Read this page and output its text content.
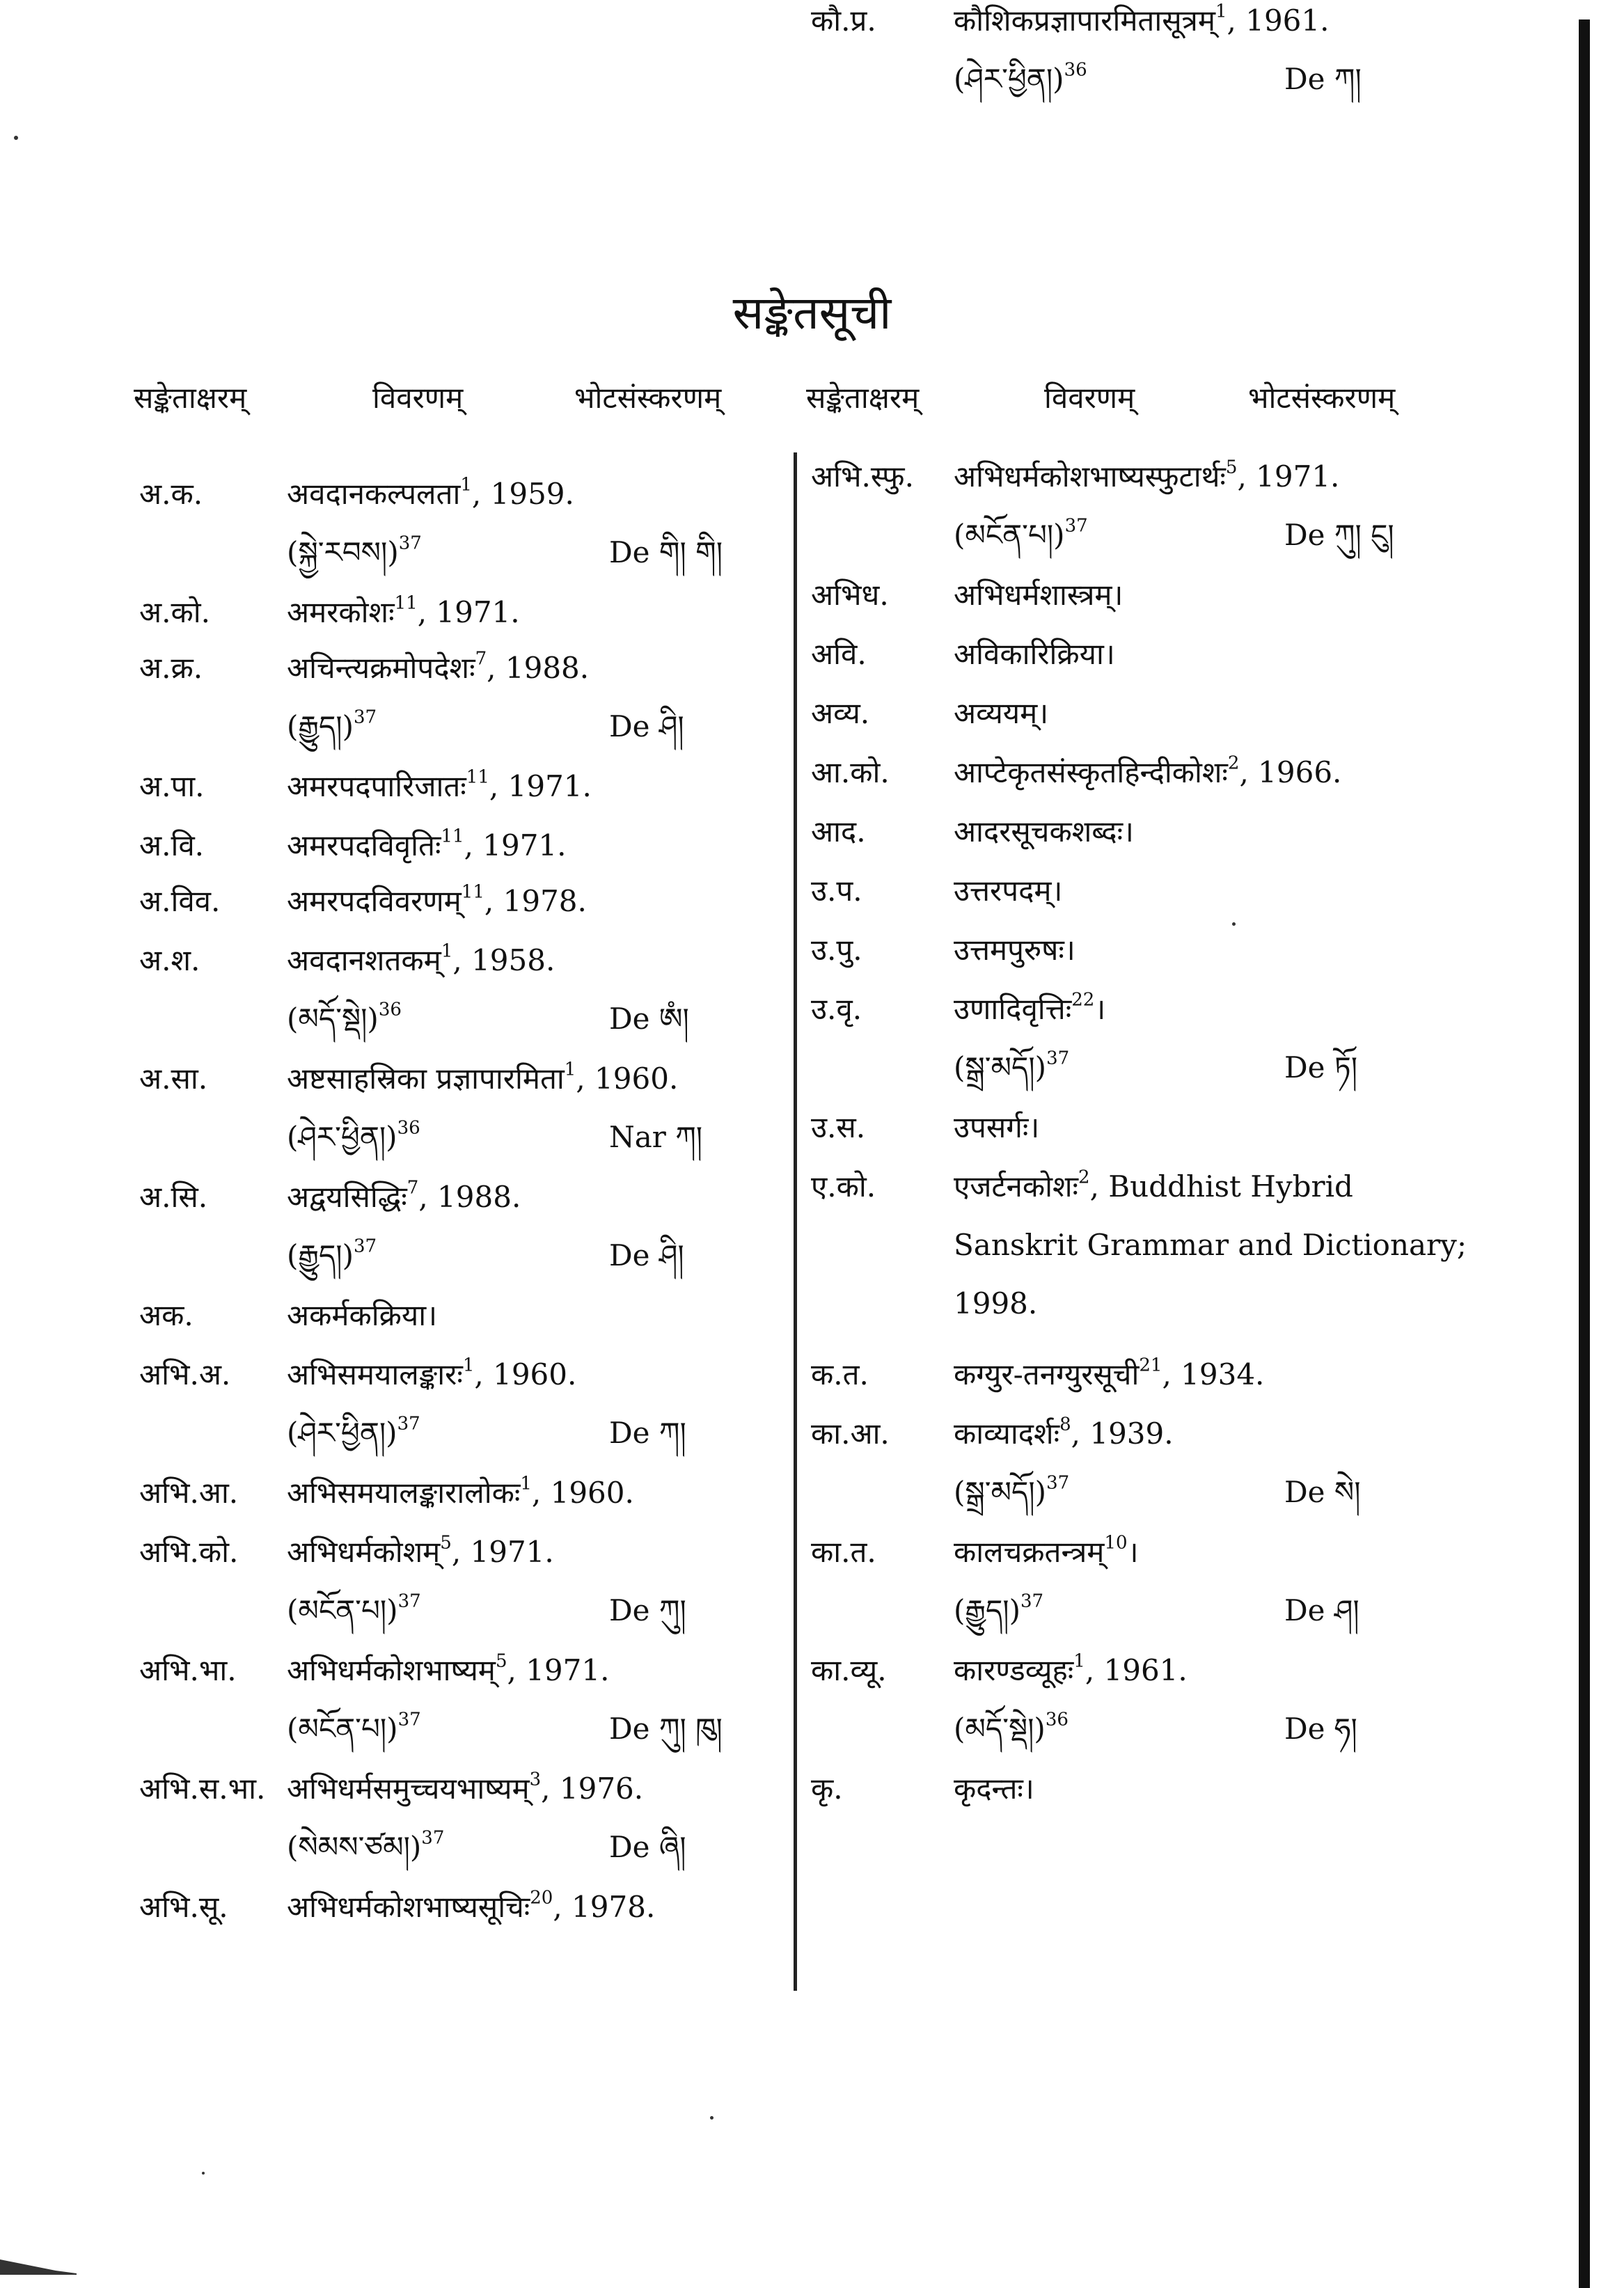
सङ्केतसूची
सङ्केताक्षरम्	विवरणम्	भोटसंस्करणम्	सङ्केताक्षरम्	विवरणम्	भोटसंस्करणम्
अ.क.	अवदानकल्पलता$^1$, 1959.
(སྐྱེ་རབས།)$^{37}$	De གི། གི།
अ.को.	अमरकोशः$^{11}$, 1971.
अ.क्र.	अचिन्त्यक्रमोपदेशः$^7$, 1988.
(རྒྱུད།)$^{37}$	De ཤི།
अ.पा.	अमरपदपारिजातः$^{11}$, 1971.
अ.वि.	अमरपदविवृतिः$^{11}$, 1971.
अ.विव. अमरपदविवरणम्$^{11}$, 1978.
अ.श.	अवदानशतकम्$^1$, 1958.
(མདོ་སྡེ།)$^{36}$	De ཨཾ།
अ.सा.	अष्टसाहस्रिका प्रज्ञापारमिता$^1$, 1960.
(ཤེར་ཕྱིན།)$^{36}$	Nar ཀ།
अ.सि.	अद्वयसिद्धिः$^7$, 1988.
(རྒྱུད།)$^{37}$	De ཤི།
अक.	अकर्मकक्रिया।
अभि.अ. अभिसमयालङ्कारः$^1$, 1960.
(ཤེར་ཕྱིན།)$^{37}$	De ཀ།
अभि.आ. अभिसमयालङ्कारालोकः$^1$, 1960.
अभि.को. अभिधर्मकोशम्$^5$, 1971.
(མངོན་པ།)$^{37}$	De ཀུ།
अभि.भा. अभिधर्मकोशभाष्यम्$^5$, 1971.
(མངོན་པ།)$^{37}$	De ཀུ། ཁུ།
अभि.स.भा. अभिधर्मसमुच्चयभाष्यम्$^3$, 1976.
(སེམས་ཙམ།)$^{37}$	De ཞི།
अभि.सू. अभिधर्मकोशभाष्यसूचिः$^{20}$, 1978.
अभि.स्फु. अभिधर्मकोशभाष्यस्फुटार्थः$^5$, 1971.
(མངོན་པ།)$^{37}$	De ཀུ། ངུ།
अभिध. अभिधर्मशास्त्रम्।
अवि.	अविकारिक्रिया।
अव्य.	अव्ययम्।
आ.को. आप्टेकृतसंस्कृतहिन्दीकोशः$^2$, 1966.
आद.	आदरसूचकशब्दः।
उ.प.	उत्तरपदम्।
उ.पु.	उत्तमपुरुषः।
उ.वृ.	उणादिवृत्तिः$^{22}$।
(སྒྲ་མདོ།)$^{37}$	De ཏོ།
उ.स.	उपसर्गः।
ए.को.	एजर्टनकोशः$^2$, Buddhist Hybrid
Sanskrit Grammar and Dictionary;
1998.
क.त.	कग्युर-तनग्युरसूची$^{21}$, 1934.
का.आ. काव्यादर्शः$^8$, 1939.
(སྒྲ་མདོ།)$^{37}$	De སེ།
का.त.	कालचक्रतन्त्रम्$^{10}$।
(རྒྱུད།)$^{37}$	De ཤ།
का.व्यू. कारण्डव्यूहः$^1$, 1961.
(མདོ་སྡེ།)$^{36}$	De ཧ།
कृ.	कृदन्तः।
कौ.प्र.	कौशिकप्रज्ञापारमितासूत्रम्$^1$, 1961.
(ཤེར་ཕྱིན།)$^{36}$	De ཀ།
